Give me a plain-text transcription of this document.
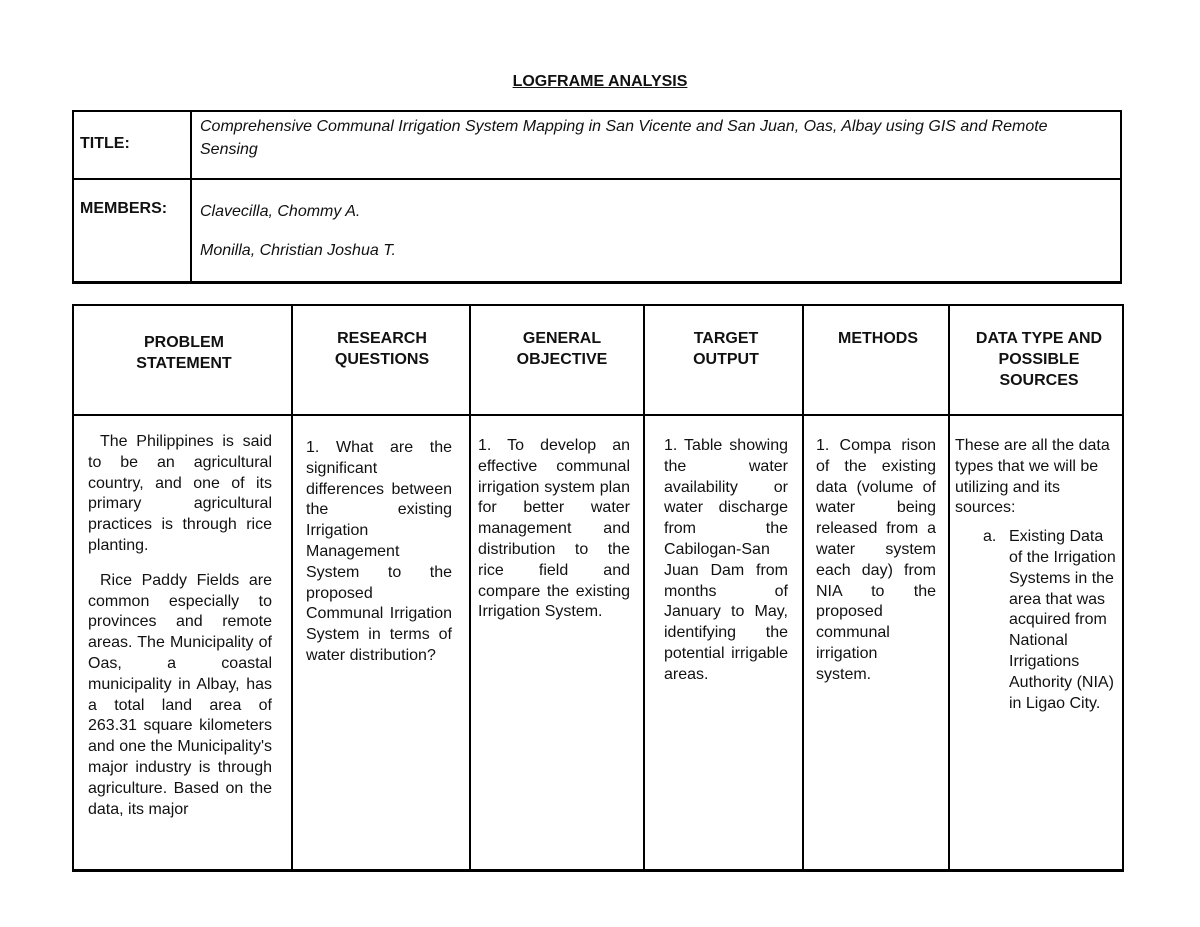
LOGFRAME ANALYSIS
TITLE:
Comprehensive Communal Irrigation System Mapping in San Vicente and San Juan, Oas, Albay using GIS and Remote Sensing
MEMBERS: Clavecilla, Chommy A.
Monilla, Christian Joshua T.
PROBLEM STATEMENT
RESEARCH QUESTIONS
GENERAL OBJECTIVE
TARGET OUTPUT
METHODS	DATA TYPE AND POSSIBLE SOURCES

The Philippines is said to be an agricultural country, and one of its primary agricultural practices is through rice planting.

Rice Paddy Fields are common especially to provinces and remote areas. The Municipality of Oas, a coastal municipality in Albay, has a total land area of 263.31 square kilometers and one the Municipality's major industry is through agriculture. Based on the data, its major

1. What are the significant differences between the existing Irrigation Management System to the proposed Communal Irrigation System in terms of water distribution?
1. To develop an effective communal irrigation system plan for better water management and distribution to the rice field and compare the existing Irrigation System.
1. Table showing the water availability or water discharge from the Cabilogan-San Juan Dam from months of January to May, identifying the potential irrigable areas.
1. Compa rison of the existing data (volume of water being released from a water system each day) from NIA to the proposed communal irrigation system.

These are all the data types that we will be utilizing and its sources:

a. Existing Data of the Irrigation Systems in the area that was acquired from National Irrigations Authority (NIA) in Ligao City.
